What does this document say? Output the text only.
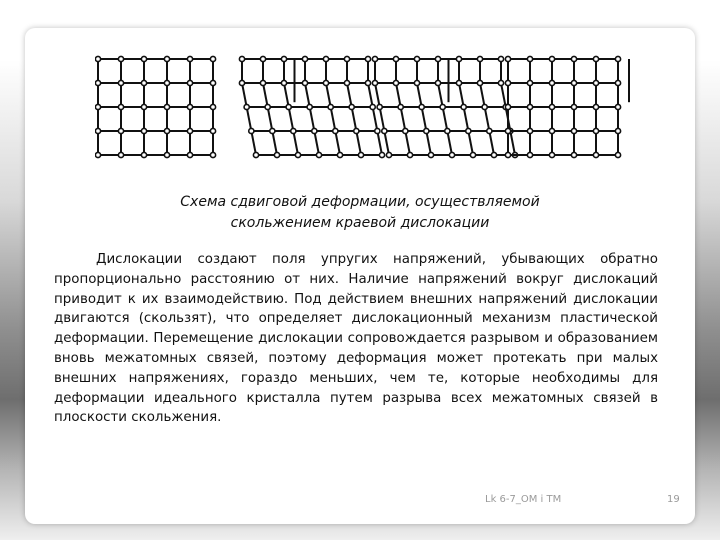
Схема сдвиговой деформации, осуществляемой
скольжением краевой дислокации

Дислокации создают поля упругих напряжений, убывающих обратно пропорционально расстоянию от них. Наличие напряжений вокруг дислокаций приводит к их взаимодействию. Под действием внешних напряжений дислокации двигаются (скользят), что определяет дислокационный механизм пластической деформации. Перемещение дислокации сопровождается разрывом и образованием вновь межатомных связей, поэтому деформация может протекать при малых внешних напряжениях, гораздо меньших, чем те, которые необходимы для деформации идеального кристалла путем разрыва всех межатомных связей в плоскости скольжения.

Lk 6-7_OM i TM	19
